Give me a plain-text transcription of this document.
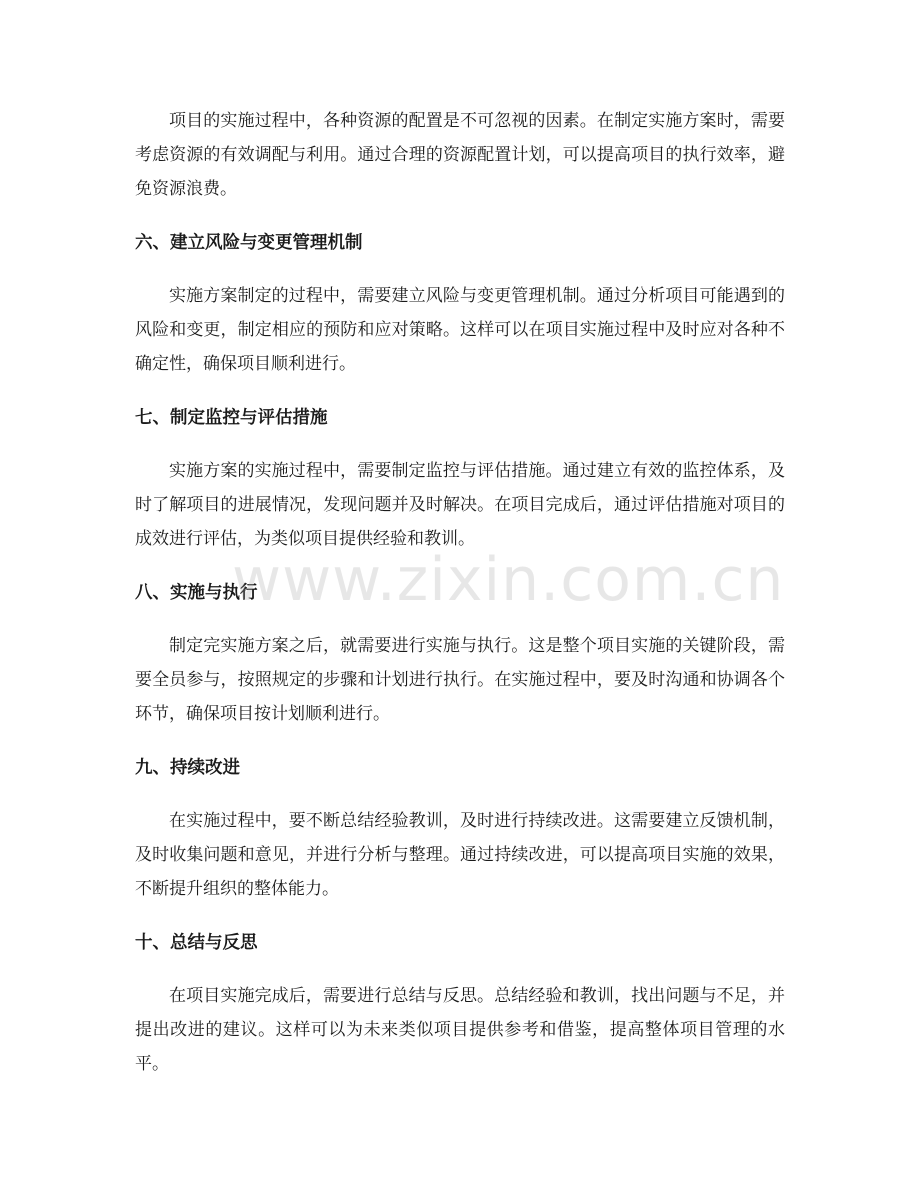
项目的实施过程中，各种资源的配置是不可忽视的因素。在制定实施方案时，需要考虑资源的有效调配与利用。通过合理的资源配置计划，可以提高项目的执行效率，避免资源浪费。

六、建立风险与变更管理机制

实施方案制定的过程中，需要建立风险与变更管理机制。通过分析项目可能遇到的风险和变更，制定相应的预防和应对策略。这样可以在项目实施过程中及时应对各种不确定性，确保项目顺利进行。

七、制定监控与评估措施

实施方案的实施过程中，需要制定监控与评估措施。通过建立有效的监控体系，及时了解项目的进展情况，发现问题并及时解决。在项目完成后，通过评估措施对项目的成效进行评估，为类似项目提供经验和教训。

八、实施与执行

制定完实施方案之后，就需要进行实施与执行。这是整个项目实施的关键阶段，需要全员参与，按照规定的步骤和计划进行执行。在实施过程中，要及时沟通和协调各个环节，确保项目按计划顺利进行。

九、持续改进

在实施过程中，要不断总结经验教训，及时进行持续改进。这需要建立反馈机制，及时收集问题和意见，并进行分析与整理。通过持续改进，可以提高项目实施的效果，不断提升组织的整体能力。

十、总结与反思

在项目实施完成后，需要进行总结与反思。总结经验和教训，找出问题与不足，并提出改进的建议。这样可以为未来类似项目提供参考和借鉴，提高整体项目管理的水平。

www.zixin.com.cn
